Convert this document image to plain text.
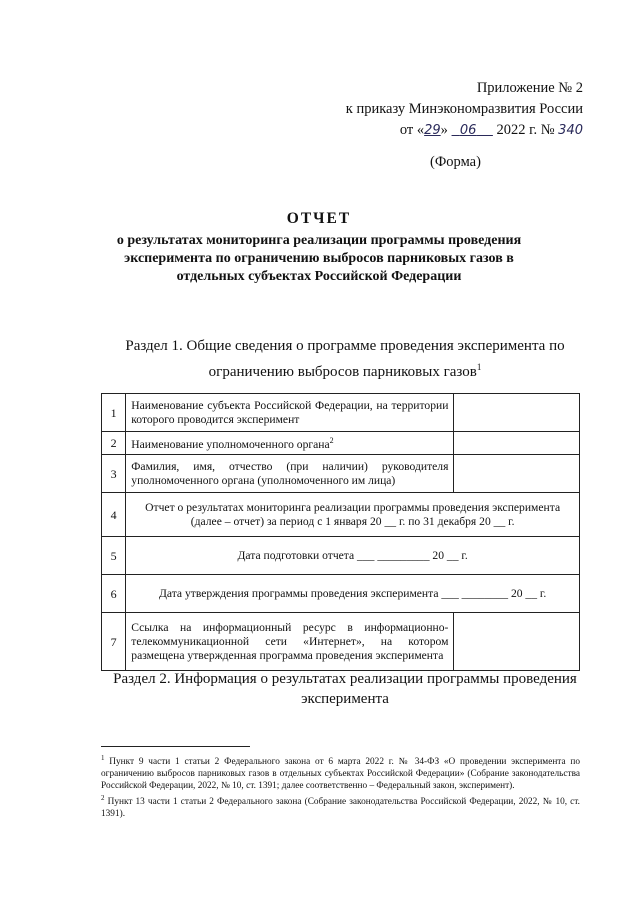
Приложение № 2
к приказу Минэкономразвития России
от «29» 06 2022 г. № 340
(Форма)
ОТЧЕТ
о результатах мониторинга реализации программы проведения эксперимента по ограничению выбросов парниковых газов в отдельных субъектах Российской Федерации
Раздел 1. Общие сведения о программе проведения эксперимента по ограничению выбросов парниковых газов$^1$
1	Наименование субъекта Российской Федерации, на территории которого проводится эксперимент	
2	Наименование уполномоченного органа$^2$	
3	Фамилия, имя, отчество (при наличии) руководителя уполномоченного органа (уполномоченного им лица)	
4	Отчет о результатах мониторинга реализации программы проведения эксперимента (далее – отчет) за период с 1 января 20 __ г. по 31 декабря 20 __ г.	
5	Дата подготовки отчета ___ _________ 20 __ г.	
6	Дата утверждения программы проведения эксперимента ___ ________ 20 __ г.	
7	Ссылка на информационный ресурс в информационно-телекоммуникационной сети «Интернет», на котором размещена утвержденная программа проведения эксперимента	
Раздел 2. Информация о результатах реализации программы проведения эксперимента

$^1$ Пункт 9 части 1 статьи 2 Федерального закона от 6 марта 2022 г. № 34-ФЗ «О проведении эксперимента по ограничению выбросов парниковых газов в отдельных субъектах Российской Федерации» (Собрание законодательства Российской Федерации, 2022, № 10, ст. 1391; далее соответственно – Федеральный закон, эксперимент).

$^2$ Пункт 13 части 1 статьи 2 Федерального закона (Собрание законодательства Российской Федерации, 2022, № 10, ст. 1391).
